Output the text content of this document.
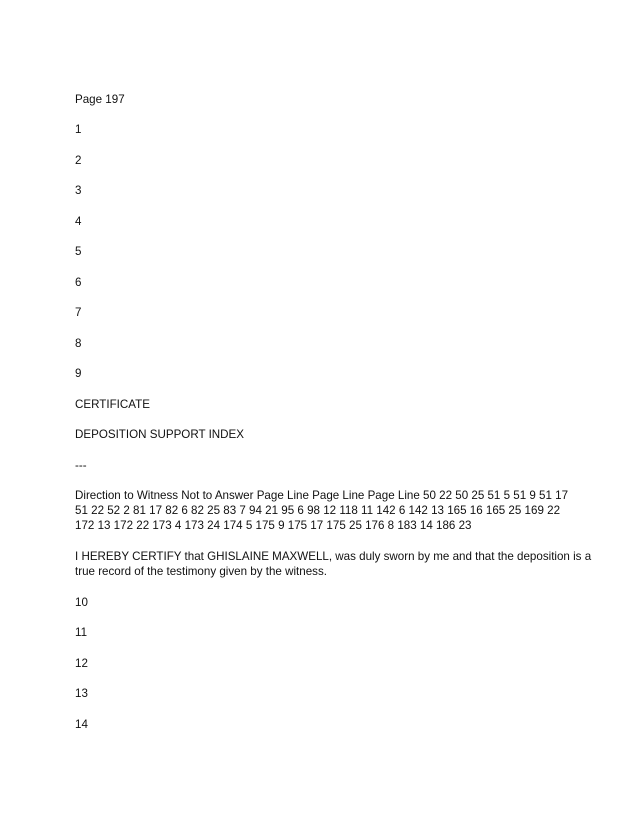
Page 197
1
2
3
4
5
6
7
8
9
CERTIFICATE
DEPOSITION SUPPORT INDEX
---
Direction to Witness Not to Answer Page Line Page Line Page Line 50 22 50 25 51 5 51 9 51 17
51 22 52 2 81 17 82 6 82 25 83 7 94 21 95 6 98 12 118 11 142 6 142 13 165 16 165 25 169 22
172 13 172 22 173 4 173 24 174 5 175 9 175 17 175 25 176 8 183 14 186 23
I HEREBY CERTIFY that GHISLAINE MAXWELL, was duly sworn by me and that the deposition is a
true record of the testimony given by the witness.
10
11
12
13
14
